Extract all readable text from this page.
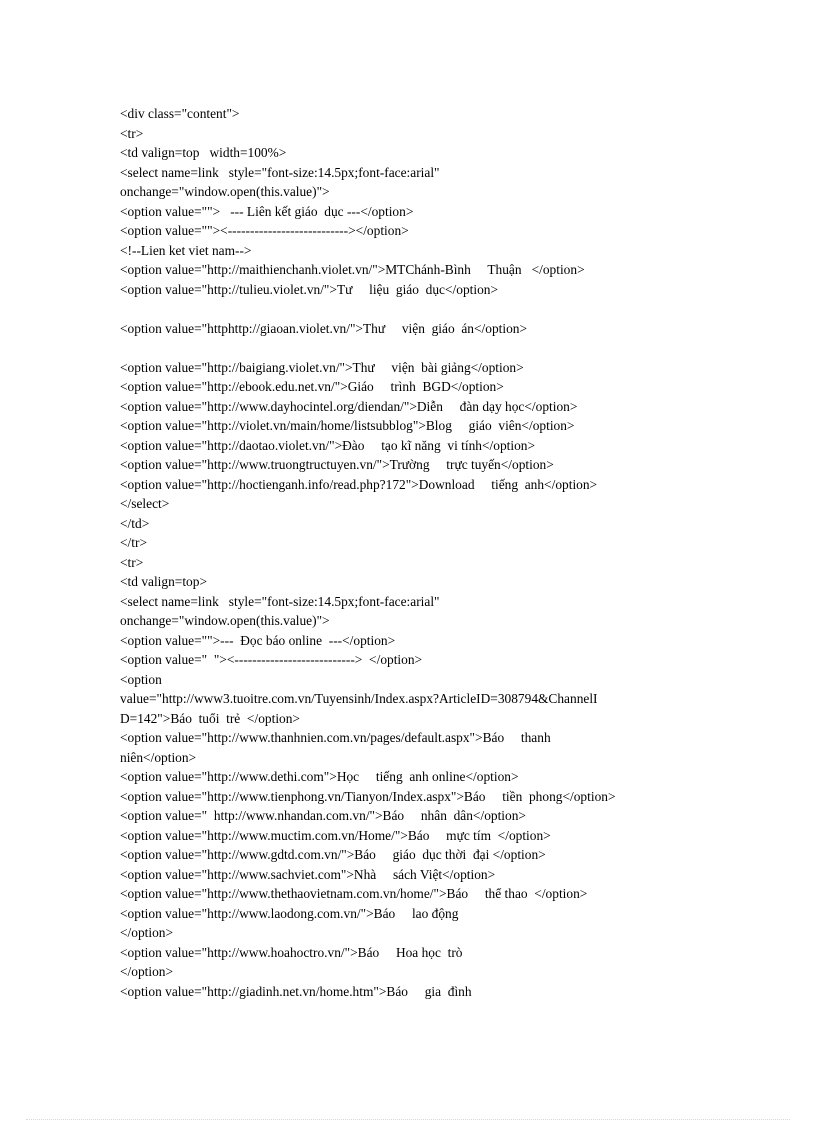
<div class="content">
<tr>
<td valign=top   width=100%>
<select name=link   style="font-size:14.5px;font-face:arial"
onchange="window.open(this.value)">
<option value="">   --- Liên kết giáo  dục ---</option>
<option value=""><---------------------------></option>
<!--Lien ket viet nam-->
<option value="http://maithienchanh.violet.vn/">MTChánh-Bình     Thuận   </option>
<option value="http://tulieu.violet.vn/">Tư     liệu  giáo  dục</option>
<option value="httphttp://giaoan.violet.vn/">Thư     viện  giáo  án</option>
<option value="http://baigiang.violet.vn/">Thư     viện  bài giảng</option>
<option value="http://ebook.edu.net.vn/">Giáo     trình  BGD</option>
<option value="http://www.dayhocintel.org/diendan/">Diễn     đàn dạy học</option>
<option value="http://violet.vn/main/home/listsubblog">Blog     giáo  viên</option>
<option value="http://daotao.violet.vn/">Đào     tạo kĩ năng  vi tính</option>
<option value="http://www.truongtructuyen.vn/">Trường     trực tuyến</option>
<option value="http://hoctienganh.info/read.php?172">Download     tiếng  anh</option>
</select>
</td>
</tr>
<tr>
<td valign=top>
<select name=link   style="font-size:14.5px;font-face:arial"
onchange="window.open(this.value)">
<option value="">---  Đọc báo online  ---</option>
<option value="  "><--------------------------->  </option>
<option
value="http://www3.tuoitre.com.vn/Tuyensinh/Index.aspx?ArticleID=308794&ChannelI
D=142">Báo  tuổi  trẻ  </option>
<option value="http://www.thanhnien.com.vn/pages/default.aspx">Báo     thanh
niên</option>
<option value="http://www.dethi.com">Học     tiếng  anh online</option>
<option value="http://www.tienphong.vn/Tianyon/Index.aspx">Báo     tiền  phong</option>
<option value="  http://www.nhandan.com.vn/">Báo     nhân  dân</option>
<option value="http://www.muctim.com.vn/Home/">Báo     mực tím  </option>
<option value="http://www.gdtd.com.vn/">Báo     giáo  dục thời  đại </option>
<option value="http://www.sachviet.com">Nhà     sách Việt</option>
<option value="http://www.thethaovietnam.com.vn/home/">Báo     thể thao  </option>
<option value="http://www.laodong.com.vn/">Báo     lao động
</option>
<option value="http://www.hoahoctro.vn/">Báo     Hoa học  trò
</option>
<option value="http://giadinh.net.vn/home.htm">Báo     gia  đình
